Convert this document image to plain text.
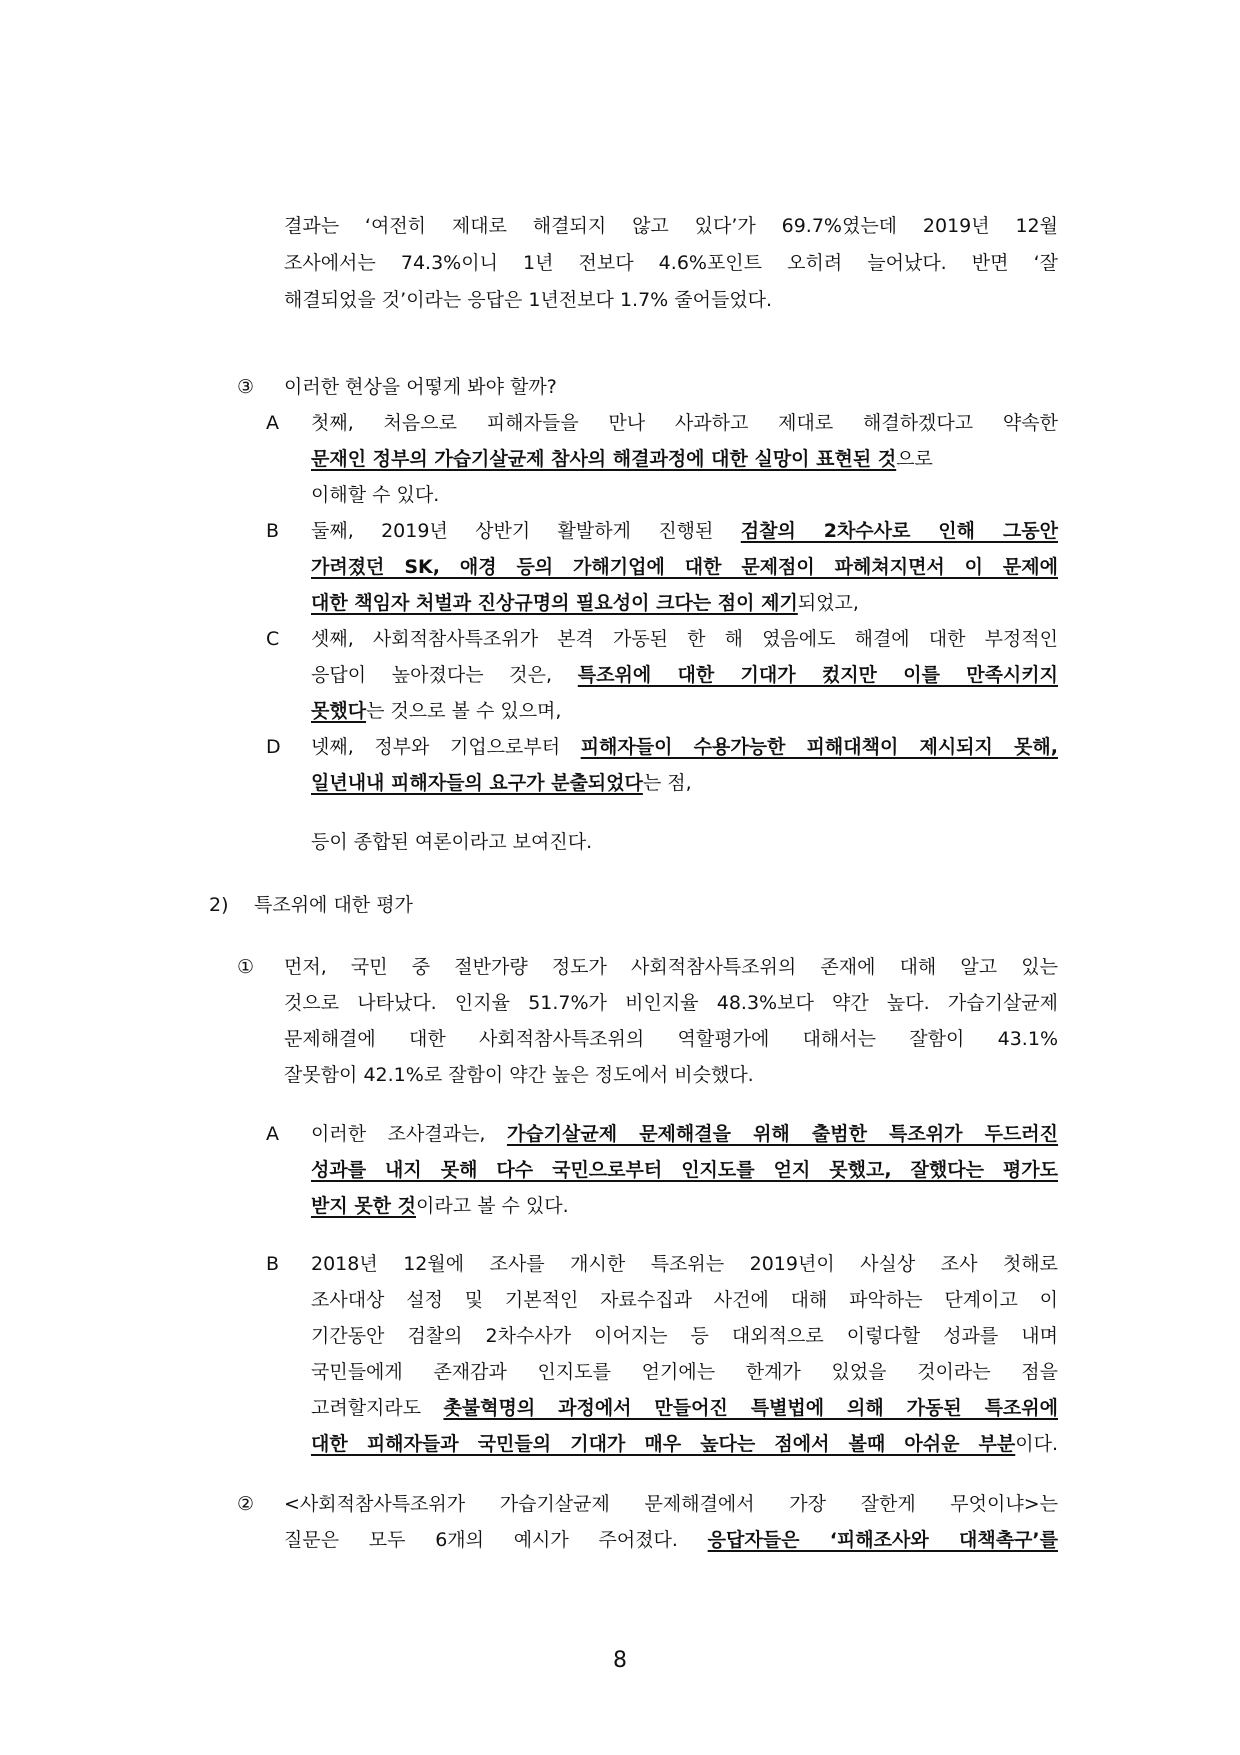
결과는 ‘여전히 제대로 해결되지 않고 있다’가 69.7%였는데 2019년 12월
조사에서는 74.3%이니 1년 전보다 4.6%포인트 오히려 늘어났다. 반면 ‘잘
해결되었을 것’이라는 응답은 1년전보다 1.7% 줄어들었다.
③ 이러한 현상을 어떻게 봐야 할까?
A 첫째, 처음으로 피해자들을 만나 사과하고 제대로 해결하겠다고 약속한
문재인 정부의 가습기살균제 참사의 해결과정에 대한 실망이 표현된 것으로
이해할 수 있다.
B 둘째, 2019년 상반기 활발하게 진행된 검찰의 2차수사로 인해 그동안
가려졌던 SK, 애경 등의 가해기업에 대한 문제점이 파헤쳐지면서 이 문제에
대한 책임자 처벌과 진상규명의 필요성이 크다는 점이 제기되었고,
C 셋째, 사회적참사특조위가 본격 가동된 한 해 였음에도 해결에 대한 부정적인
응답이 높아졌다는 것은, 특조위에 대한 기대가 컸지만 이를 만족시키지
못했다는 것으로 볼 수 있으며,
D 넷째, 정부와 기업으로부터 피해자들이 수용가능한 피해대책이 제시되지 못해,
일년내내 피해자들의 요구가 분출되었다는 점,
등이 종합된 여론이라고 보여진다.
2) 특조위에 대한 평가
① 먼저, 국민 중 절반가량 정도가 사회적참사특조위의 존재에 대해 알고 있는
것으로 나타났다. 인지율 51.7%가 비인지율 48.3%보다 약간 높다. 가습기살균제
문제해결에 대한 사회적참사특조위의 역할평가에 대해서는 잘함이 43.1%
잘못함이 42.1%로 잘함이 약간 높은 정도에서 비슷했다.
A 이러한 조사결과는, 가습기살균제 문제해결을 위해 출범한 특조위가 두드러진
성과를 내지 못해 다수 국민으로부터 인지도를 얻지 못했고, 잘했다는 평가도
받지 못한 것이라고 볼 수 있다.
B 2018년 12월에 조사를 개시한 특조위는 2019년이 사실상 조사 첫해로
조사대상 설정 및 기본적인 자료수집과 사건에 대해 파악하는 단계이고 이
기간동안 검찰의 2차수사가 이어지는 등 대외적으로 이렇다할 성과를 내며
국민들에게 존재감과 인지도를 얻기에는 한계가 있었을 것이라는 점을
고려할지라도 촛불혁명의 과정에서 만들어진 특별법에 의해 가동된 특조위에
대한 피해자들과 국민들의 기대가 매우 높다는 점에서 볼때 아쉬운 부분이다.
② <사회적참사특조위가 가습기살균제 문제해결에서 가장 잘한게 무엇이냐>는
질문은 모두 6개의 예시가 주어졌다. 응답자들은 ‘피해조사와 대책촉구’를
8
